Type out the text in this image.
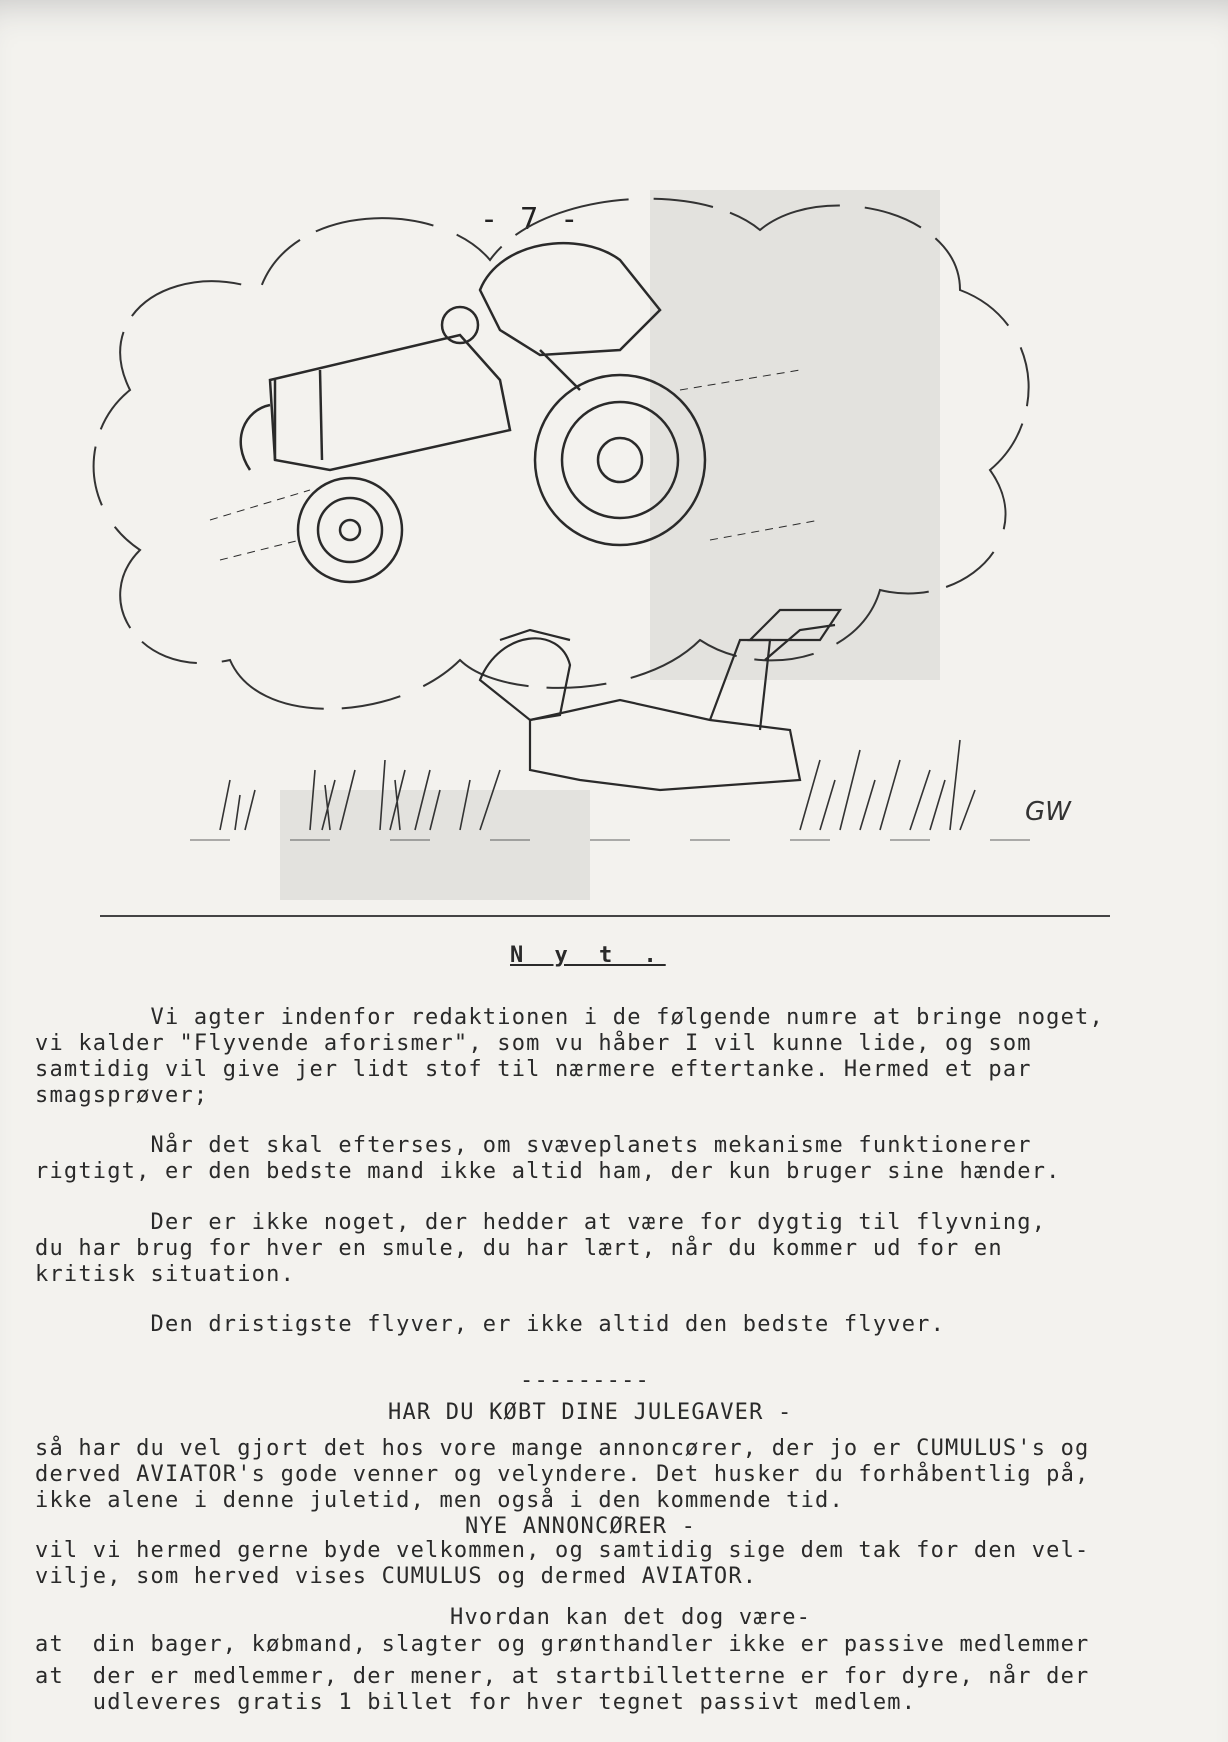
- 7 -
GW
N y t .
Vi agter indenfor redaktionen i de følgende numre at bringe noget,
vi kalder "Flyvende aforismer", som vu håber I vil kunne lide, og som
samtidig vil give jer lidt stof til nærmere eftertanke. Hermed et par
smagsprøver;
Når det skal efterses, om svæveplanets mekanisme funktionerer
rigtigt, er den bedste mand ikke altid ham, der kun bruger sine hænder.
Der er ikke noget, der hedder at være for dygtig til flyvning,
du har brug for hver en smule, du har lært, når du kommer ud for en
kritisk situation.
Den dristigste flyver, er ikke altid den bedste flyver.
---------
HAR DU KØBT DINE JULEGAVER -
så har du vel gjort det hos vore mange annoncører, der jo er CUMULUS's og
derved AVIATOR's gode venner og velyndere. Det husker du forhåbentlig på,
ikke alene i denne juletid, men også i den kommende tid.
NYE ANNONCØRER -
vil vi hermed gerne byde velkommen, og samtidig sige dem tak for den vel-
vilje, som herved vises CUMULUS og dermed AVIATOR.
Hvordan kan det dog være-
at  din bager, købmand, slagter og grønthandler ikke er passive medlemmer
at  der er medlemmer, der mener, at startbilletterne er for dyre, når der
udleveres gratis 1 billet for hver tegnet passivt medlem.
